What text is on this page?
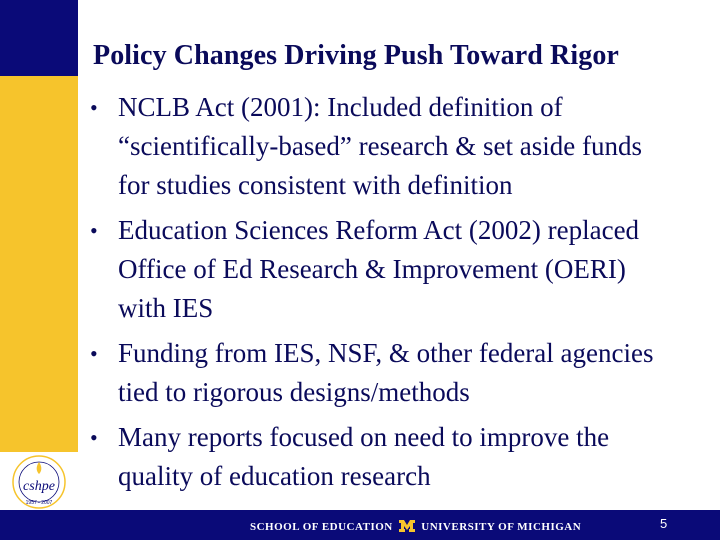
cshpe
1957 - 2007
Policy Changes Driving Push Toward Rigor
• NCLB Act (2001): Included definition of “scientifically-based” research & set aside funds for studies consistent with definition
• Education Sciences Reform Act (2002) replaced Office of Ed Research & Improvement (OERI) with IES
• Funding from IES, NSF, & other federal agencies tied to rigorous designs/methods
• Many reports focused on need to improve the quality of education research
SCHOOL OF EDUCATION	UNIVERSITY OF MICHIGAN	5
